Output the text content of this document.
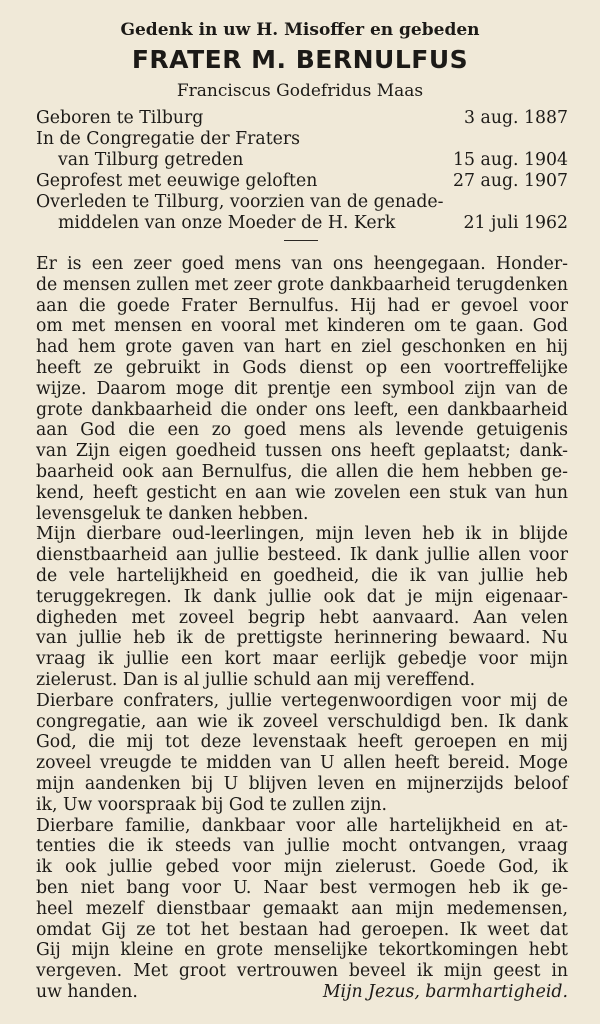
Gedenk in uw H. Misoffer en gebeden
FRATER M. BERNULFUS
Franciscus Godefridus Maas
Geboren te Tilburg	3 aug. 1887
In de Congregatie der Fraters
van Tilburg getreden	15 aug. 1904
Geprofest met eeuwige geloften	27 aug. 1907
Overleden te Tilburg, voorzien van de genade-
middelen van onze Moeder de H. Kerk	21 juli 1962
Er is een zeer goed mens van ons heengegaan. Honder-
de mensen zullen met zeer grote dankbaarheid terugdenken
aan die goede Frater Bernulfus. Hij had er gevoel voor
om met mensen en vooral met kinderen om te gaan. God
had hem grote gaven van hart en ziel geschonken en hij
heeft ze gebruikt in Gods dienst op een voortreffelijke
wijze. Daarom moge dit prentje een symbool zijn van de
grote dankbaarheid die onder ons leeft, een dankbaarheid
aan God die een zo goed mens als levende getuigenis
van Zijn eigen goedheid tussen ons heeft geplaatst; dank-
baarheid ook aan Bernulfus, die allen die hem hebben ge-
kend, heeft gesticht en aan wie zovelen een stuk van hun
levensgeluk te danken hebben.
Mijn dierbare oud-leerlingen, mijn leven heb ik in blijde
dienstbaarheid aan jullie besteed. Ik dank jullie allen voor
de vele hartelijkheid en goedheid, die ik van jullie heb
teruggekregen. Ik dank jullie ook dat je mijn eigenaar-
digheden met zoveel begrip hebt aanvaard. Aan velen
van jullie heb ik de prettigste herinnering bewaard. Nu
vraag ik jullie een kort maar eerlijk gebedje voor mijn
zielerust. Dan is al jullie schuld aan mij vereffend.
Dierbare confraters, jullie vertegenwoordigen voor mij de
congregatie, aan wie ik zoveel verschuldigd ben. Ik dank
God, die mij tot deze levenstaak heeft geroepen en mij
zoveel vreugde te midden van U allen heeft bereid. Moge
mijn aandenken bij U blijven leven en mijnerzijds beloof
ik, Uw voorspraak bij God te zullen zijn.
Dierbare familie, dankbaar voor alle hartelijkheid en at-
tenties die ik steeds van jullie mocht ontvangen, vraag
ik ook jullie gebed voor mijn zielerust. Goede God, ik
ben niet bang voor U. Naar best vermogen heb ik ge-
heel mezelf dienstbaar gemaakt aan mijn medemensen,
omdat Gij ze tot het bestaan had geroepen. Ik weet dat
Gij mijn kleine en grote menselijke tekortkomingen hebt
vergeven. Met groot vertrouwen beveel ik mijn geest in
uw handen.	Mijn Jezus, barmhartigheid.
